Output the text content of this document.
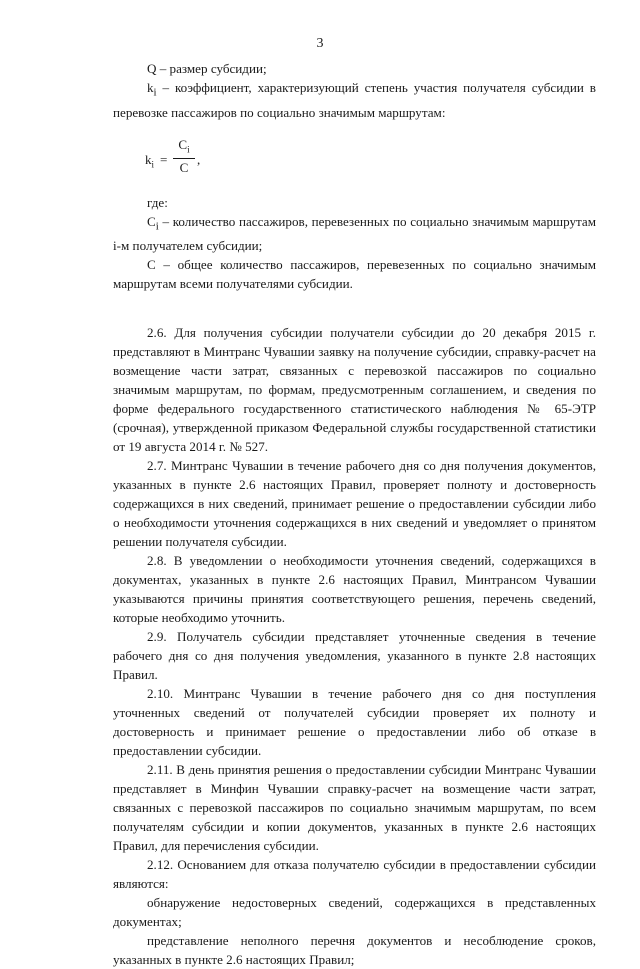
3

Q – размер субсидии;

$k_i$ – коэффициент, характеризующий степень участия получателя субсидии в перевозке пассажиров по социально значимым маршрутам:

$k_i = \frac{C_i}{C}$ ,

где:

$C_i$ – количество пассажиров, перевезенных по социально значимым маршрутам i-м получателем субсидии;

С – общее количество пассажиров, перевезенных по социально значимым маршрутам всеми получателями субсидии.

2.6. Для получения субсидии получатели субсидии до 20 декабря 2015 г. представляют в Минтранс Чувашии заявку на получение субсидии, справку-расчет на возмещение части затрат, связанных с перевозкой пассажиров по социально значимым маршрутам, по формам, предусмотренным соглашением, и сведения по форме федерального государственного статистического наблюдения № 65-ЭТР (срочная), утвержденной приказом Федеральной службы государственной статистики от 19 августа 2014 г. № 527.

2.7. Минтранс Чувашии в течение рабочего дня со дня получения документов, указанных в пункте 2.6 настоящих Правил, проверяет полноту и достоверность содержащихся в них сведений, принимает решение о предоставлении субсидии либо о необходимости уточнения содержащихся в них сведений и уведомляет о принятом решении получателя субсидии.

2.8. В уведомлении о необходимости уточнения сведений, содержащихся в документах, указанных в пункте 2.6 настоящих Правил, Минтрансом Чувашии указываются причины принятия соответствующего решения, перечень сведений, которые необходимо уточнить.

2.9. Получатель субсидии представляет уточненные сведения в течение рабочего дня со дня получения уведомления, указанного в пункте 2.8 настоящих Правил.

2.10. Минтранс Чувашии в течение рабочего дня со дня поступления уточненных сведений от получателей субсидии проверяет их полноту и достоверность и принимает решение о предоставлении либо об отказе в предоставлении субсидии.

2.11. В день принятия решения о предоставлении субсидии Минтранс Чувашии представляет в Минфин Чувашии справку-расчет на возмещение части затрат, связанных с перевозкой пассажиров по социально значимым маршрутам, по всем получателям субсидии и копии документов, указанных в пункте 2.6 настоящих Правил, для перечисления субсидии.

2.12. Основанием для отказа получателю субсидии в предоставлении субсидии являются:

обнаружение недостоверных сведений, содержащихся в представленных документах;

представление неполного перечня документов и несоблюдение сроков, указанных в пункте 2.6 настоящих Правил;
